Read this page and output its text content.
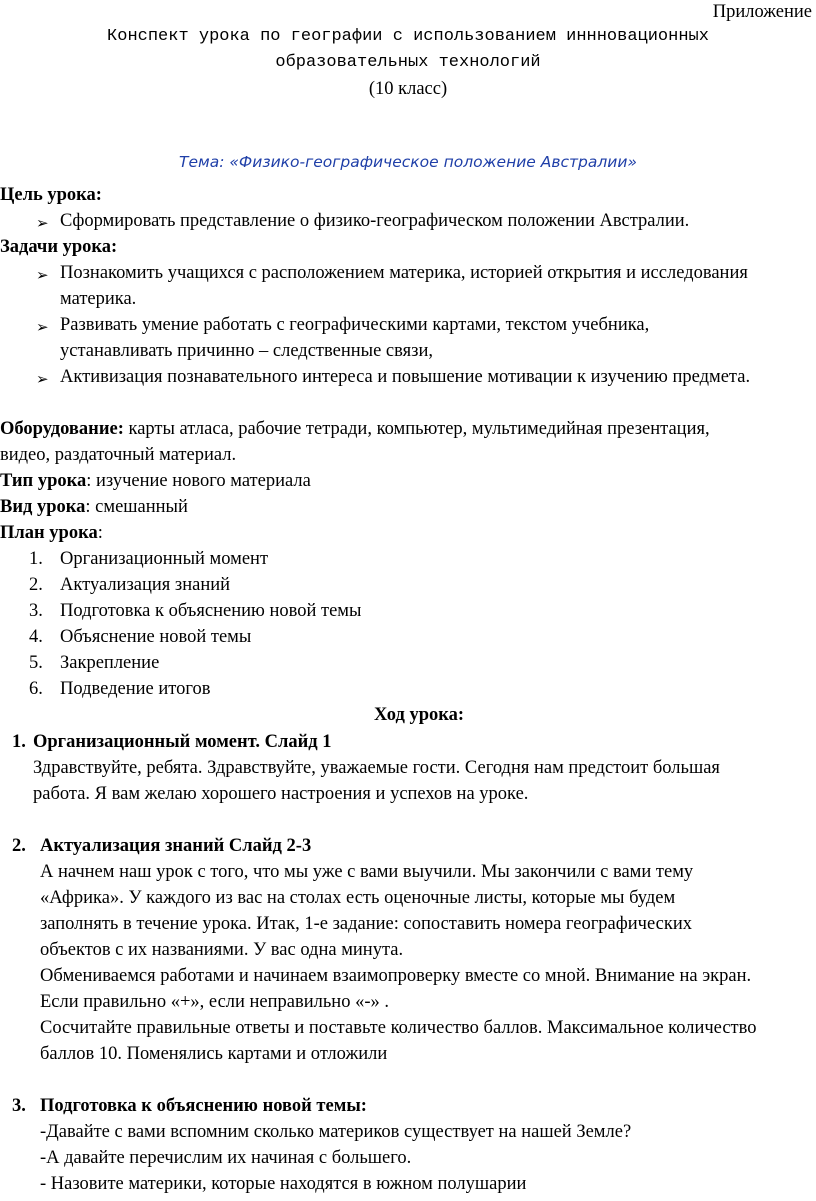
Приложение
Конспект урока по географии с использованием иннновационных
образовательных технологий
(10 класс)
Тема: «Физико-географическое положение Австралии»
Цель урока:
➢ Сформировать представление о физико-географическом положении Австралии.
Задачи урока:
➢ Познакомить учащихся с расположением материка, историей открытия и исследования
материка.
➢ Развивать умение работать с географическими картами, текстом учебника,
устанавливать причинно – следственные связи,
➢ Активизация познавательного интереса и повышение мотивации к изучению предмета.
Оборудование: карты атласа, рабочие тетради, компьютер, мультимедийная презентация,
видео, раздаточный материал.
Тип урока: изучение нового материала
Вид урока: смешанный
План урока:
1. Организационный момент
2. Актуализация знаний
3. Подготовка к объяснению новой темы
4. Объяснение новой темы
5. Закрепление
6. Подведение итогов
Ход урока:
1. Организационный момент. Слайд 1
Здравствуйте, ребята. Здравствуйте, уважаемые гости. Сегодня нам предстоит большая
работа. Я вам желаю хорошего настроения и успехов на уроке.
2. Актуализация знаний Слайд 2-3
А начнем наш урок с того, что мы уже с вами выучили. Мы закончили с вами тему
«Африка». У каждого из вас на столах есть оценочные листы, которые мы будем
заполнять в течение урока. Итак, 1-е задание: сопоставить номера географических
объектов с их названиями. У вас одна минута.
Обмениваемся работами и начинаем взаимопроверку вместе со мной. Внимание на экран.
Если правильно «+», если неправильно «-» .
Сосчитайте правильные ответы и поставьте количество баллов. Максимальное количество
баллов 10. Поменялись картами и отложили
3. Подготовка к объяснению новой темы:
-Давайте с вами вспомним сколько материков существует на нашей Земле?
-А давайте перечислим их начиная с большего.
- Назовите материки, которые находятся в южном полушарии
